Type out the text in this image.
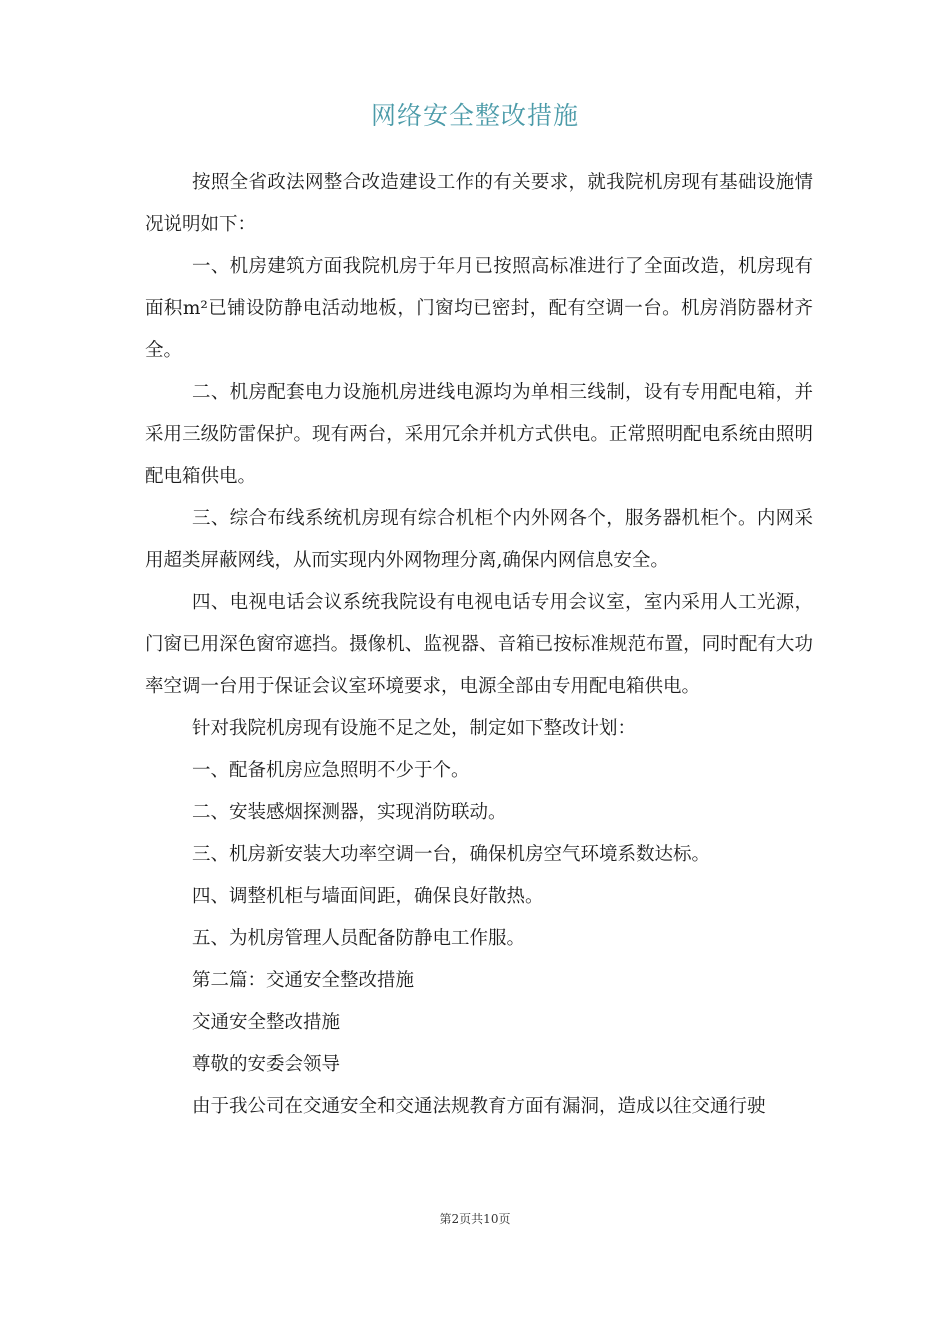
网络安全整改措施

按照全省政法网整合改造建设工作的有关要求，就我院机房现有基础设施情况说明如下：

一、机房建筑方面我院机房于年月已按照高标准进行了全面改造，机房现有面积m²已铺设防静电活动地板，门窗均已密封，配有空调一台。机房消防器材齐全。

二、机房配套电力设施机房进线电源均为单相三线制，设有专用配电箱，并采用三级防雷保护。现有两台，采用冗余并机方式供电。正常照明配电系统由照明配电箱供电。

三、综合布线系统机房现有综合机柜个内外网各个，服务器机柜个。内网采用超类屏蔽网线，从而实现内外网物理分离,确保内网信息安全。

四、电视电话会议系统我院设有电视电话专用会议室，室内采用人工光源，门窗已用深色窗帘遮挡。摄像机、监视器、音箱已按标准规范布置，同时配有大功率空调一台用于保证会议室环境要求，电源全部由专用配电箱供电。

针对我院机房现有设施不足之处，制定如下整改计划：

一、配备机房应急照明不少于个。

二、安装感烟探测器，实现消防联动。

三、机房新安装大功率空调一台，确保机房空气环境系数达标。

四、调整机柜与墙面间距，确保良好散热。

五、为机房管理人员配备防静电工作服。

第二篇：交通安全整改措施

交通安全整改措施

尊敬的安委会领导

由于我公司在交通安全和交通法规教育方面有漏洞，造成以往交通行驶

第2页共10页
